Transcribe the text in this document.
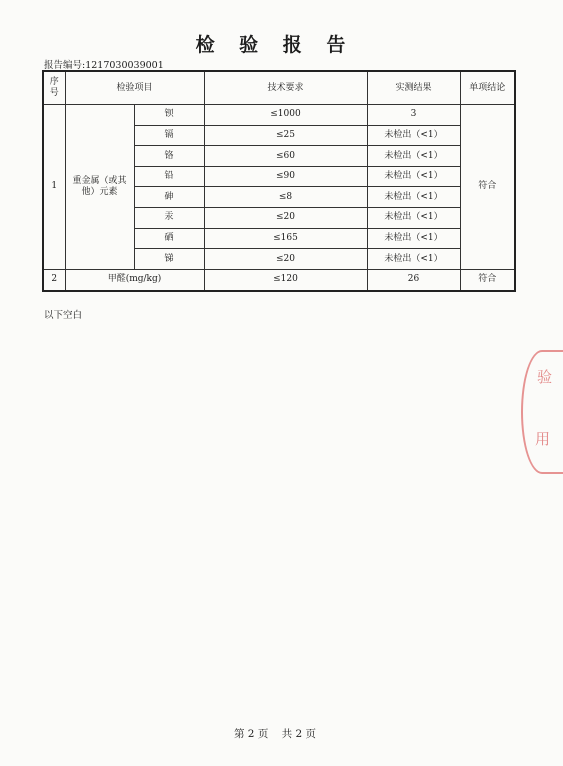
检 验 报 告
报告编号:1217030039001
序
号	检验项目		技术要求	实测结果	单项结论
1	重金属（或其他）元素	钡	≤1000	3	符合
		镉	≤25	未检出（<1）	
		铬	≤60	未检出（<1）	
		铅	≤90	未检出（<1）	
		砷	≤8	未检出（<1）	
		汞	≤20	未检出（<1）	
		硒	≤165	未检出（<1）	
		锑	≤20	未检出（<1）	
2	甲醛(mg/kg)		≤120	26	符合
以下空白
验
用
第 2 页    共 2 页
